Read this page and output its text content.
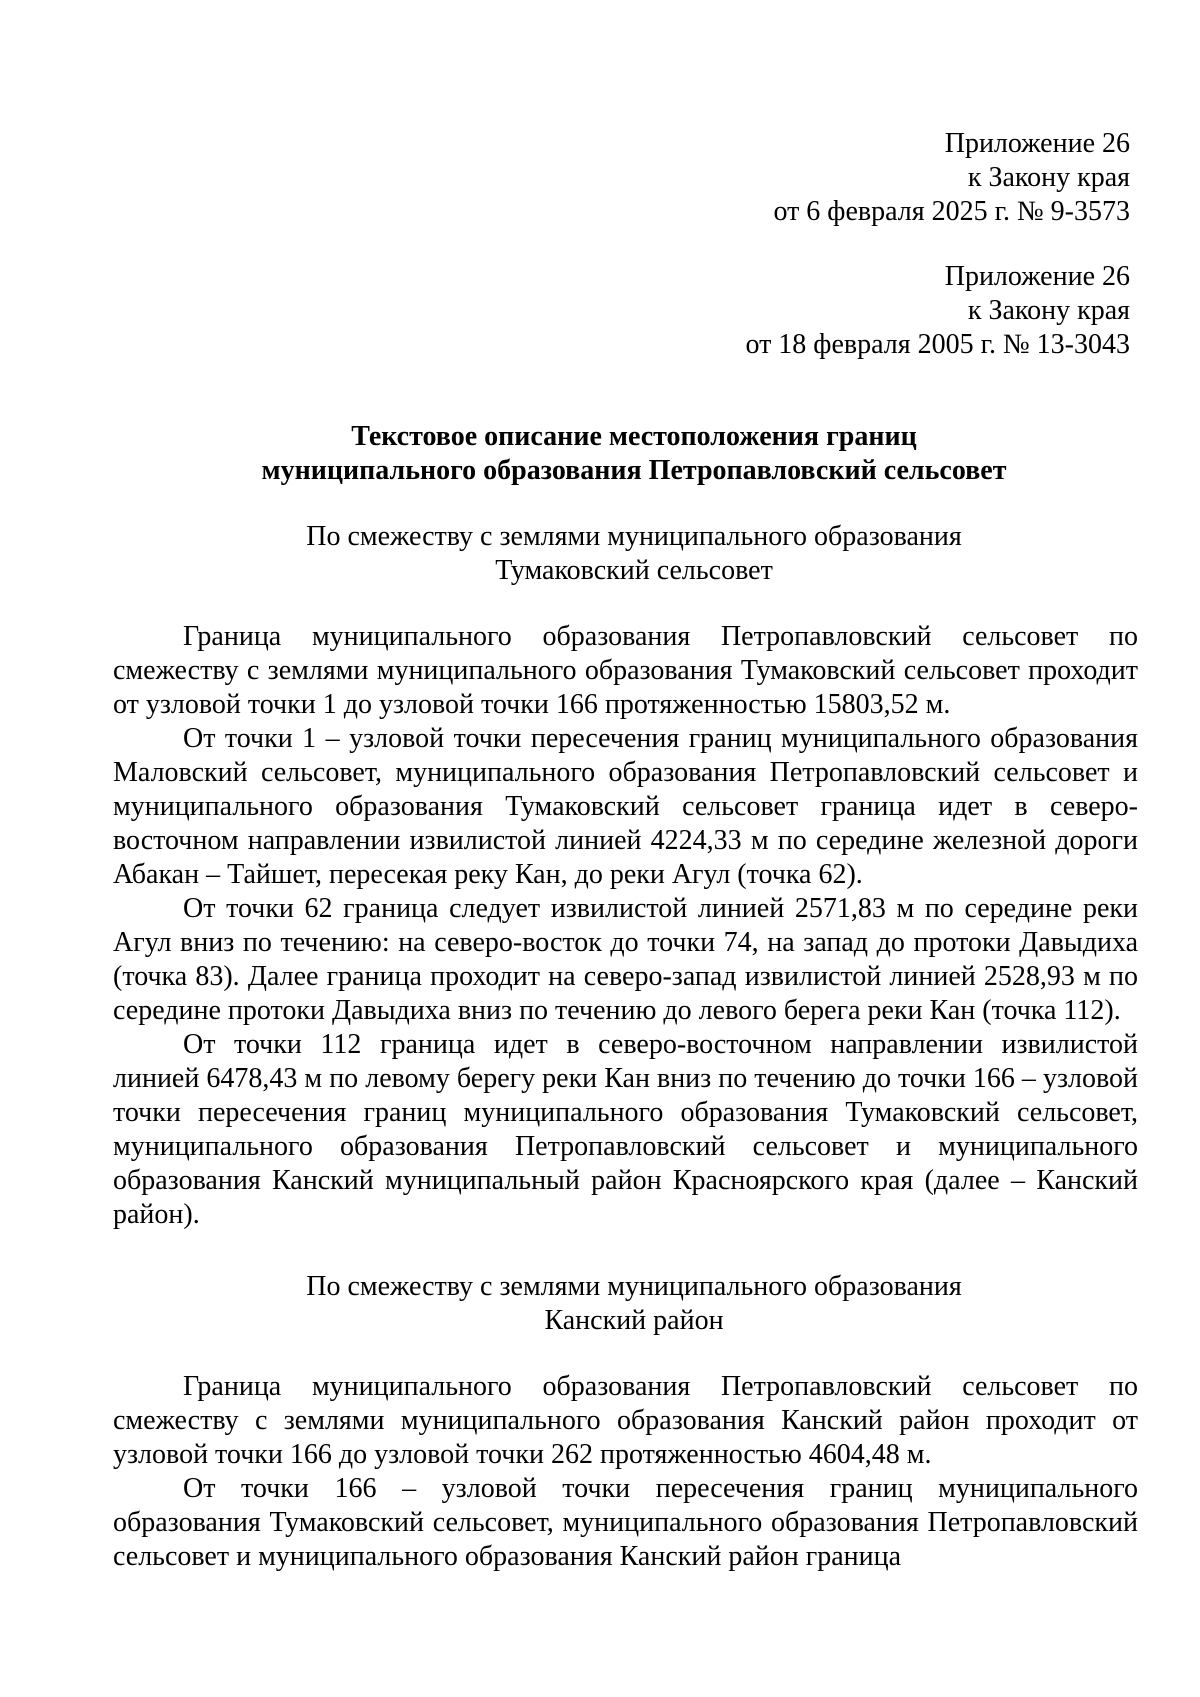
Приложение 26

к Закону края

от 6 февраля 2025 г. № 9-3573

Приложение 26

к Закону края

от 18 февраля 2005 г. № 13-3043

Текстовое описание местоположения границ

муниципального образования Петропавловский сельсовет

По смежеству с землями муниципального образования

Тумаковский сельсовет

Граница муниципального образования Петропавловский сельсовет по смежеству с землями муниципального образования Тумаковский сельсовет проходит от узловой точки 1 до узловой точки 166 протяженностью 15803,52 м.

От точки 1 – узловой точки пересечения границ муниципального образования Маловский сельсовет, муниципального образования Петропавловский сельсовет и муниципального образования Тумаковский сельсовет граница идет в северо-восточном направлении извилистой линией 4224,33 м по середине железной дороги Абакан – Тайшет, пересекая реку Кан, до реки Агул (точка 62).

От точки 62 граница следует извилистой линией 2571,83 м по середине реки Агул вниз по течению: на северо-восток до точки 74, на запад до протоки Давыдиха (точка 83). Далее граница проходит на северо-запад извилистой линией 2528,93 м по середине протоки Давыдиха вниз по течению до левого берега реки Кан (точка 112).

От точки 112 граница идет в северо-восточном направлении извилистой линией 6478,43 м по левому берегу реки Кан вниз по течению до точки 166 – узловой точки пересечения границ муниципального образования Тумаковский сельсовет, муниципального образования Петропавловский сельсовет и муниципального образования Канский муниципальный район Красноярского края (далее – Канский район).

По смежеству с землями муниципального образования

Канский район

Граница муниципального образования Петропавловский сельсовет по смежеству с землями муниципального образования Канский район проходит от узловой точки 166 до узловой точки 262 протяженностью 4604,48 м.

От точки 166 – узловой точки пересечения границ муниципального образования Тумаковский сельсовет, муниципального образования Петропавловский сельсовет и муниципального образования Канский район граница
